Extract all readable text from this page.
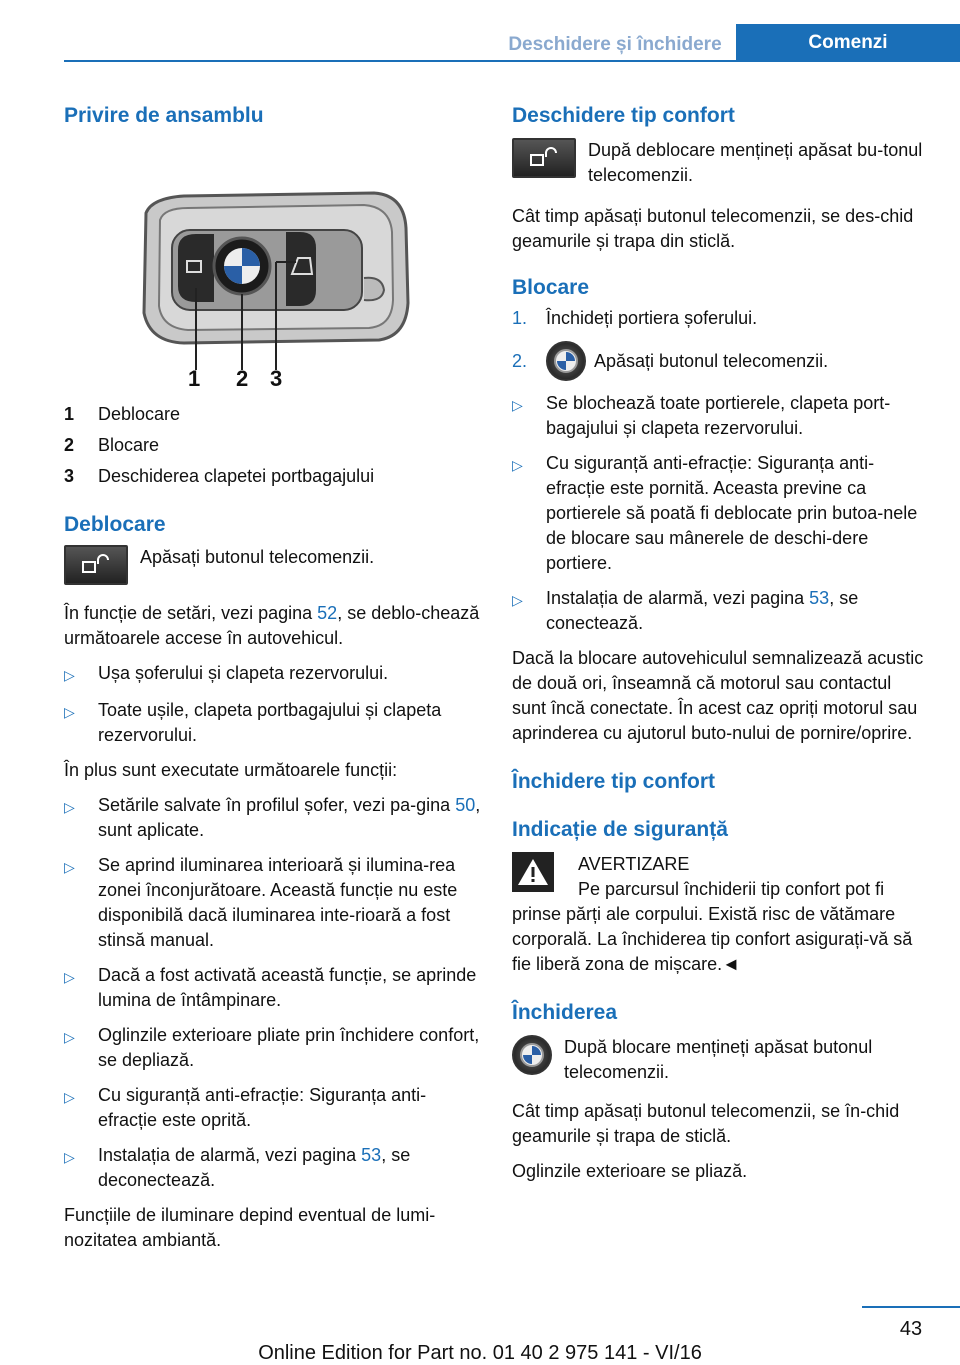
Deschidere și închidere	Comenzi
Privire de ansamblu
1 2 3
1	Deblocare
2	Blocare
3	Deschiderea clapetei portbagajului
Deblocare

Apăsați butonul telecomenzii.

În funcție de setări, vezi pagina 52, se deblo-chează următoarele accese în autovehicul.

▷	Ușa șoferului și clapeta rezervorului.
▷	Toate ușile, clapeta portbagajului și clapeta rezervorului.

În plus sunt executate următoarele funcții:

▷	Setările salvate în profilul șofer, vezi pa-gina 50, sunt aplicate.
▷	Se aprind iluminarea interioară și ilumina-rea zonei înconjurătoare. Această funcție nu este disponibilă dacă iluminarea inte-rioară a fost stinsă manual.
▷	Dacă a fost activată această funcție, se aprinde lumina de întâmpinare.
▷	Oglinzile exterioare pliate prin închidere confort, se depliază.
▷	Cu siguranță anti-efracție: Siguranța anti-efracție este oprită.
▷	Instalația de alarmă, vezi pagina 53, se deconectează.

Funcțiile de iluminare depind eventual de lumi-nozitatea ambiantă.

Deschidere tip confort

După deblocare mențineți apăsat bu-tonul telecomenzii.

Cât timp apăsați butonul telecomenzii, se des-chid geamurile și trapa din sticlă.

Blocare
1.	Închideți portiera șoferului.
2.	Apăsați butonul telecomenzii.
▷	Se blochează toate portierele, clapeta port-bagajului și clapeta rezervorului.
▷	Cu siguranță anti-efracție: Siguranța anti-efracție este pornită. Aceasta previne ca portierele să poată fi deblocate prin butoa-nele de blocare sau mânerele de deschi-dere portiere.
▷	Instalația de alarmă, vezi pagina 53, se conectează.

Dacă la blocare autovehiculul semnalizează acustic de două ori, înseamnă că motorul sau contactul sunt încă conectate. În acest caz opriți motorul sau aprinderea cu ajutorul buto-nului de pornire/oprire.

Închidere tip confort
Indicație de siguranță

AVERTIZARE

Pe parcursul închiderii tip confort pot fi

prinse părți ale corpului. Există risc de vătămare corporală. La închiderea tip confort asigurați-vă să fie liberă zona de mișcare.◄

Închiderea

După blocare mențineți apăsat butonul telecomenzii.

Cât timp apăsați butonul telecomenzii, se în-chid geamurile și trapa de sticlă.

Oglinzile exterioare se pliază.

43
Online Edition for Part no. 01 40 2 975 141 - VI/16
